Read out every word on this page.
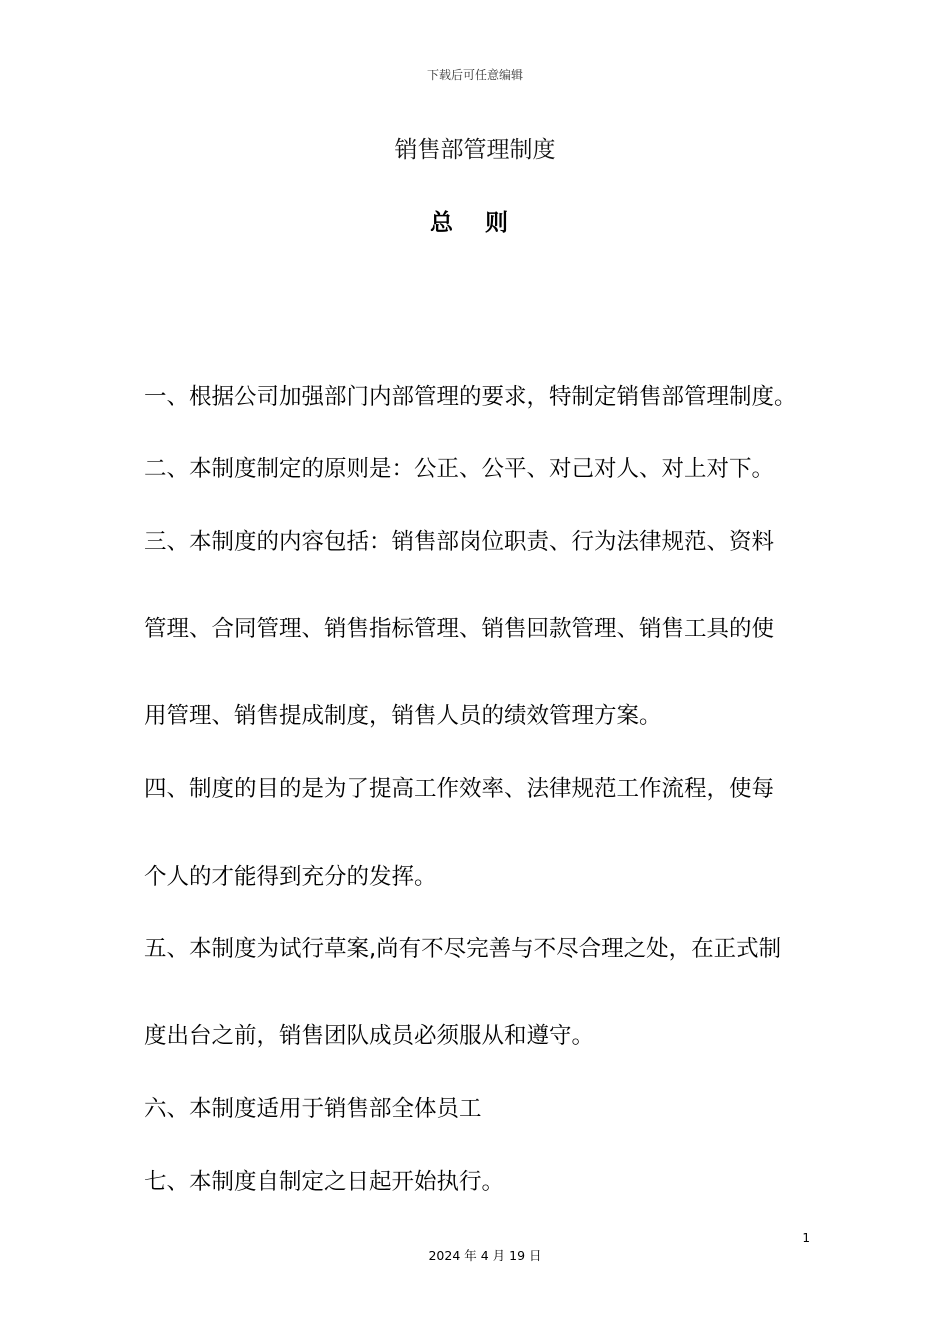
下载后可任意编辑
销售部管理制度
总 则
一、根据公司加强部门内部管理的要求，特制定销售部管理制度。
二、本制度制定的原则是：公正、公平、对己对人、对上对下。
三、本制度的内容包括：销售部岗位职责、行为法律规范、资料
管理、合同管理、销售指标管理、销售回款管理、销售工具的使
用管理、销售提成制度，销售人员的绩效管理方案。
四、制度的目的是为了提高工作效率、法律规范工作流程，使每
个人的才能得到充分的发挥。
五、本制度为试行草案,尚有不尽完善与不尽合理之处，在正式制
度出台之前，销售团队成员必须服从和遵守。
六、本制度适用于销售部全体员工
七、本制度自制定之日起开始执行。
1
2024 年 4 月 19 日
